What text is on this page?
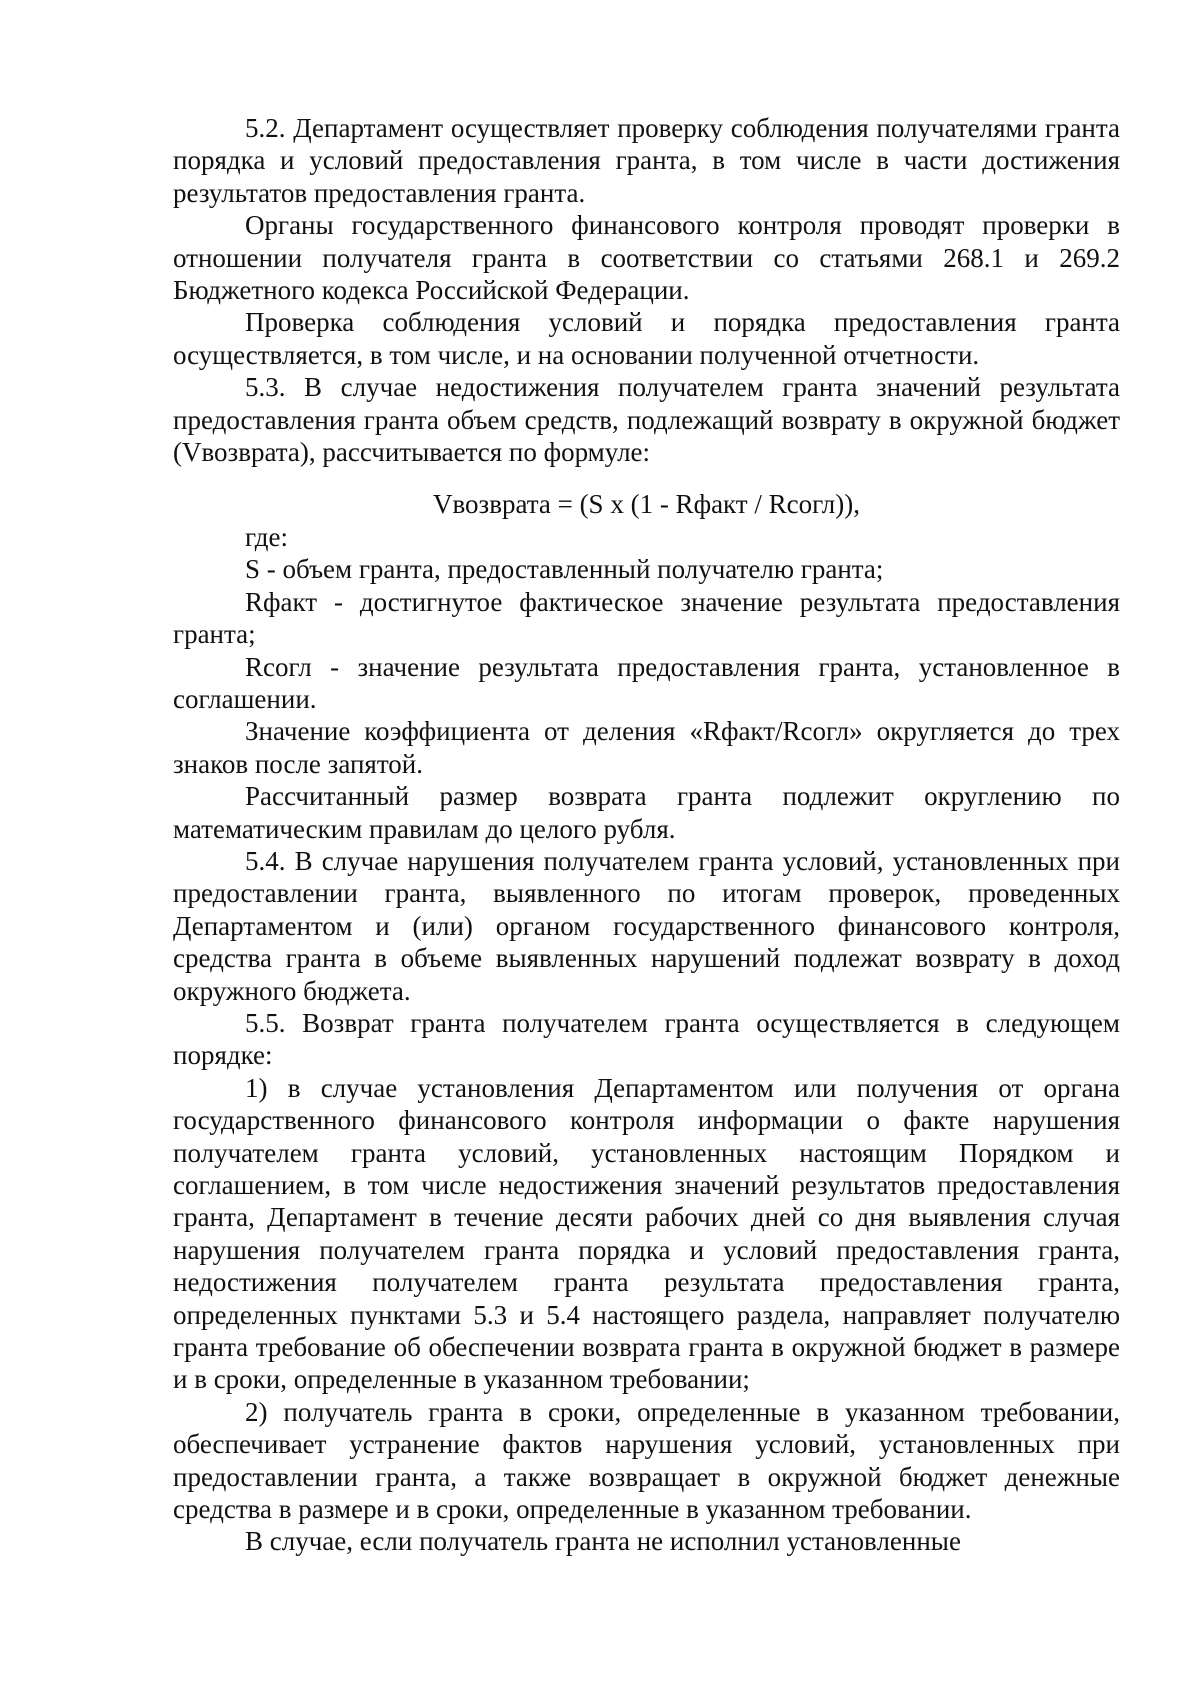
5.2. Департамент осуществляет проверку соблюдения получателями гранта порядка и условий предоставления гранта, в том числе в части достижения результатов предоставления гранта.

Органы государственного финансового контроля проводят проверки в отношении получателя гранта в соответствии со статьями 268.1 и 269.2 Бюджетного кодекса Российской Федерации.

Проверка соблюдения условий и порядка предоставления гранта осуществляется, в том числе, и на основании полученной отчетности.

5.3. В случае недостижения получателем гранта значений результата предоставления гранта объем средств, подлежащий возврату в окружной бюджет (Vвозврата), рассчитывается по формуле:

Vвозврата = (S x (1 - Rфакт / Rсогл)),

где:

S - объем гранта, предоставленный получателю гранта;

Rфакт - достигнутое фактическое значение результата предоставления гранта;

Rсогл - значение результата предоставления гранта, установленное в соглашении.

Значение коэффициента от деления «Rфакт/Rсогл» округляется до трех знаков после запятой.

Рассчитанный размер возврата гранта подлежит округлению по математическим правилам до целого рубля.

5.4. В случае нарушения получателем гранта условий, установленных при предоставлении гранта, выявленного по итогам проверок, проведенных Департаментом и (или) органом государственного финансового контроля, средства гранта в объеме выявленных нарушений подлежат возврату в доход окружного бюджета.

5.5. Возврат гранта получателем гранта осуществляется в следующем порядке:

1) в случае установления Департаментом или получения от органа государственного финансового контроля информации о факте нарушения получателем гранта условий, установленных настоящим Порядком и соглашением, в том числе недостижения значений результатов предоставления гранта, Департамент в течение десяти рабочих дней со дня выявления случая нарушения получателем гранта порядка и условий предоставления гранта, недостижения получателем гранта результата предоставления гранта, определенных пунктами 5.3 и 5.4 настоящего раздела, направляет получателю гранта требование об обеспечении возврата гранта в окружной бюджет в размере и в сроки, определенные в указанном требовании;

2) получатель гранта в сроки, определенные в указанном требовании, обеспечивает устранение фактов нарушения условий, установленных при предоставлении гранта, а также возвращает в окружной бюджет денежные средства в размере и в сроки, определенные в указанном требовании.

В случае, если получатель гранта не исполнил установленные
